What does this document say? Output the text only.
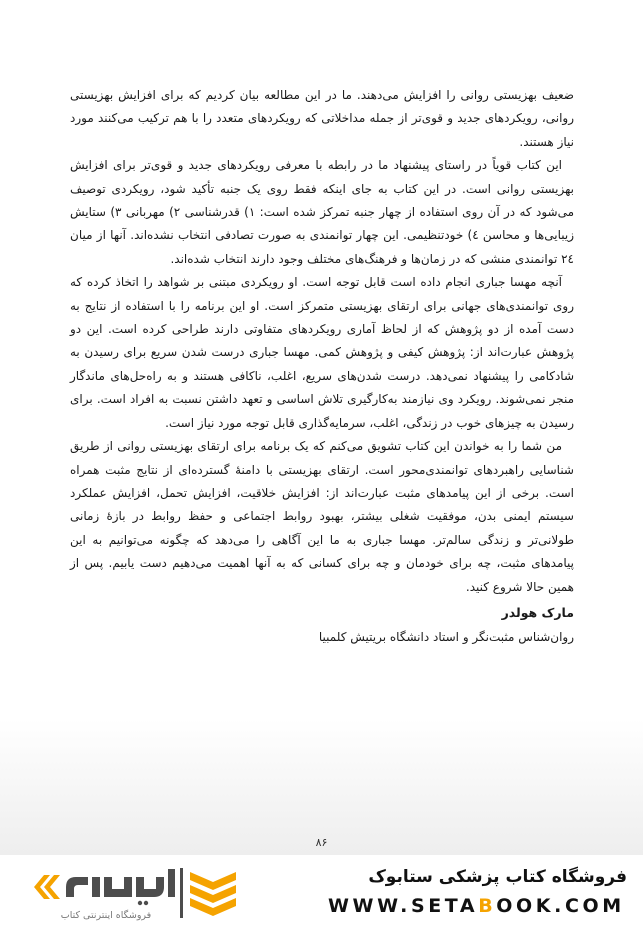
ضعیف بهزیستی روانی را افزایش می‌دهند. ما در این مطالعه بیان کردیم که برای افزایش بهزیستی روانی، رویکردهای جدید و قوی‌تر از جمله مداخلاتی که رویکردهای متعدد را با هم ترکیب می‌کنند مورد نیاز هستند.

این کتاب قویاً در راستای پیشنهاد ما در رابطه با معرفی رویکردهای جدید و قوی‌تر برای افزایش بهزیستی روانی است. در این کتاب به جای اینکه فقط روی یک جنبه تأکید شود، رویکردی توصیف می‌شود که در آن روی استفاده از چهار جنبه تمرکز شده است: ۱) قدرشناسی ۲) مهربانی ۳) ستایش زیبایی‌ها و محاسن ٤) خودتنظیمی. این چهار توانمندی به صورت تصادفی انتخاب نشده‌اند. آنها از میان ۲٤ توانمندی منشی که در زمان‌ها و فرهنگ‌های مختلف وجود دارند انتخاب شده‌اند.

آنچه مهسا جباری انجام داده است قابل توجه است. او رویکردی مبتنی بر شواهد را اتخاذ کرده که روی توانمندی‌های جهانی برای ارتقای بهزیستی متمرکز است. او این برنامه را با استفاده از نتایج به دست آمده از دو پژوهش که از لحاظ آماری رویکردهای متفاوتی دارند طراحی کرده است. این دو پژوهش عبارت‌اند از: پژوهش کیفی و پژوهش کمی. مهسا جباری درست شدن سریع برای رسیدن به شادکامی را پیشنهاد نمی‌دهد. درست شدن‌های سریع، اغلب، ناکافی هستند و به راه‌حل‌های ماندگار منجر نمی‌شوند. رویکرد وی نیازمند به‌کارگیری تلاش اساسی و تعهد داشتن نسبت به افراد است. برای رسیدن به چیزهای خوب در زندگی، اغلب، سرمایه‌گذاری قابل توجه مورد نیاز است.

من شما را به خواندن این کتاب تشویق می‌کنم که یک برنامه برای ارتقای بهزیستی روانی از طریق شناسایی راهبردهای توانمندی‌محور است. ارتقای بهزیستی با دامنهٔ گسترده‌ای از نتایج مثبت همراه است. برخی از این پیامدهای مثبت عبارت‌اند از: افزایش خلاقیت، افزایش تحمل، افزایش عملکرد سیستم ایمنی بدن، موفقیت شغلی بیشتر، بهبود روابط اجتماعی و حفظ روابط در بازهٔ زمانی طولانی‌تر و زندگی سالم‌تر. مهسا جباری به ما این آگاهی را می‌دهد که چگونه می‌توانیم به این پیامدهای مثبت، چه برای خودمان و چه برای کسانی که به آنها اهمیت می‌دهیم دست یابیم. پس از همین حالا شروع کنید.

مارک هولدر
روان‌شناس مثبت‌نگر و استاد دانشگاه بریتیش کلمبیا
۸۶
فروشگاه کتاب پزشکی ستابوک
WWW.SETABOOK.COM
فروشگاه اینترنتی کتاب
